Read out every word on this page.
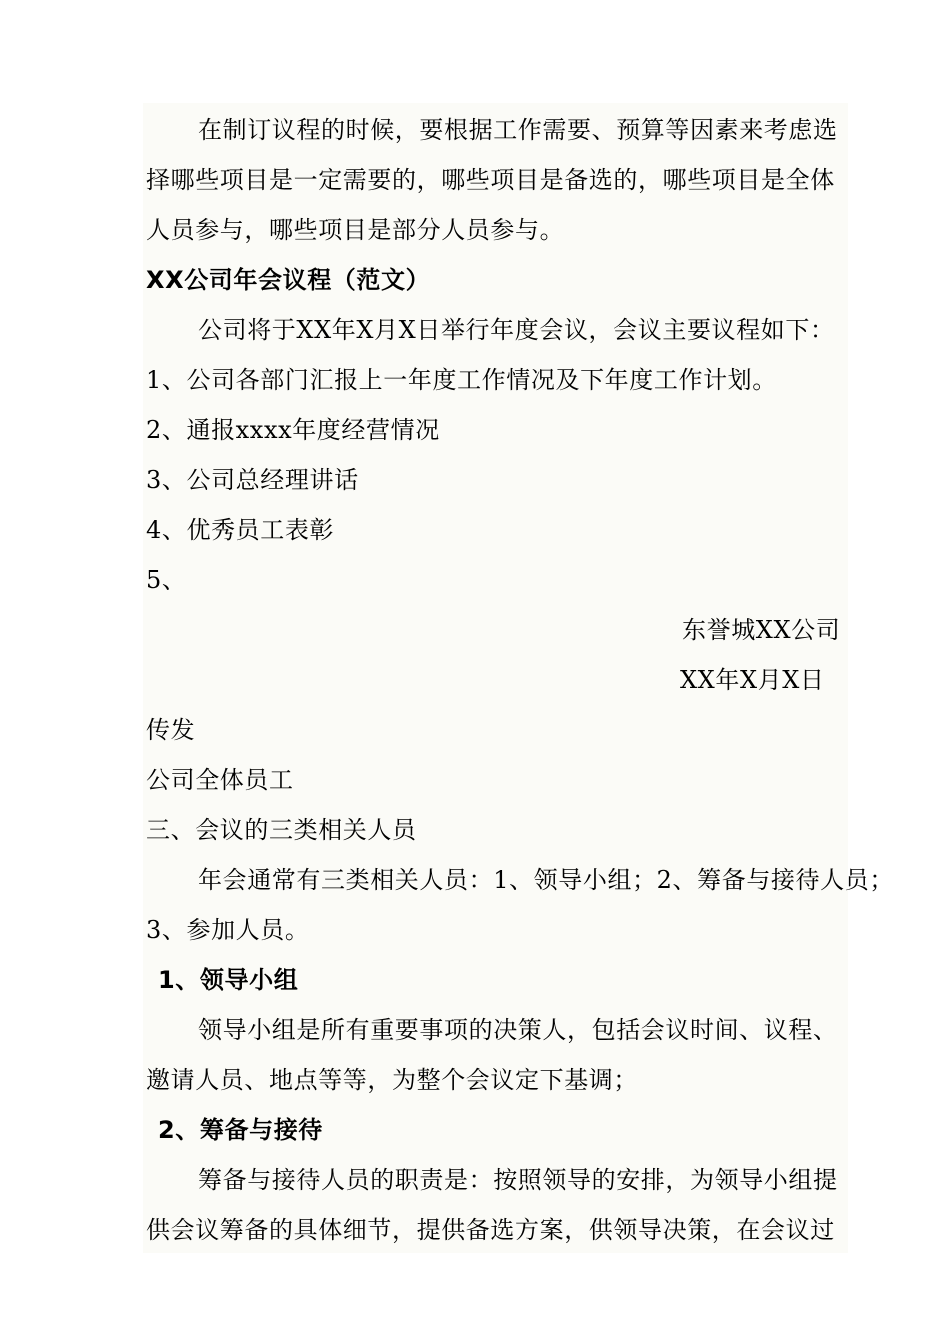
在制订议程的时候，要根据工作需要、预算等因素来考虑选
择哪些项目是一定需要的，哪些项目是备选的，哪些项目是全体
人员参与，哪些项目是部分人员参与。
XX公司年会议程（范文）
公司将于XX年X月X日举行年度会议，会议主要议程如下：
1、公司各部门汇报上一年度工作情况及下年度工作计划。
2、通报xxxx年度经营情况
3、公司总经理讲话
4、优秀员工表彰
5、
东誉城XX公司
XX年X月X日
传发
公司全体员工
三、会议的三类相关人员
年会通常有三类相关人员：1、领导小组；2、筹备与接待人员；
3、参加人员。
1、领导小组
领导小组是所有重要事项的决策人，包括会议时间、议程、
邀请人员、地点等等，为整个会议定下基调；
2、筹备与接待
筹备与接待人员的职责是：按照领导的安排，为领导小组提
供会议筹备的具体细节，提供备选方案，供领导决策，在会议过
